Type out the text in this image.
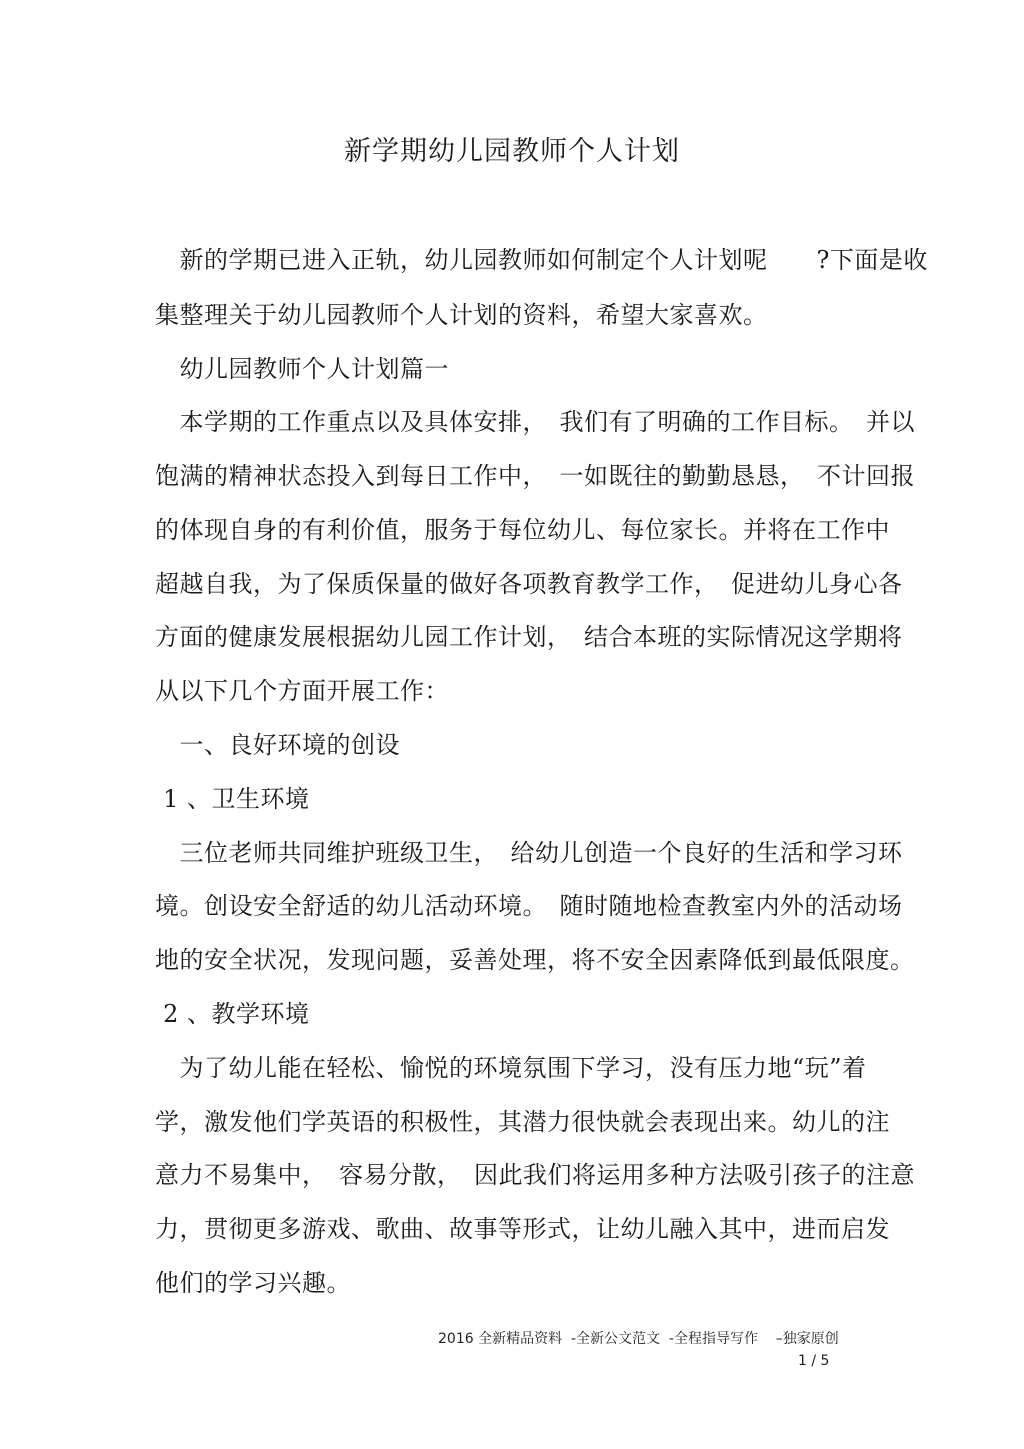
新学期幼儿园教师个人计划
　新的学期已进入正轨，幼儿园教师如何制定个人计划呢　　?下面是收
集整理关于幼儿园教师个人计划的资料，希望大家喜欢。
　幼儿园教师个人计划篇一
　本学期的工作重点以及具体安排，　我们有了明确的工作目标。　并以
饱满的精神状态投入到每日工作中，　一如既往的勤勤恳恳，　不计回报
的体现自身的有利价值，服务于每位幼儿、每位家长。并将在工作中
超越自我，为了保质保量的做好各项教育教学工作，　促进幼儿身心各
方面的健康发展根据幼儿园工作计划，　结合本班的实际情况这学期将
从以下几个方面开展工作：
　一、良好环境的创设
1 、卫生环境
　三位老师共同维护班级卫生，　给幼儿创造一个良好的生活和学习环
境。创设安全舒适的幼儿活动环境。　随时随地检查教室内外的活动场
地的安全状况，发现问题，妥善处理，将不安全因素降低到最低限度。
2 、教学环境
　为了幼儿能在轻松、愉悦的环境氛围下学习，没有压力地“玩”着
学，激发他们学英语的积极性，其潜力很快就会表现出来。幼儿的注
意力不易集中，　容易分散，　因此我们将运用多种方法吸引孩子的注意
力，贯彻更多游戏、歌曲、故事等形式，让幼儿融入其中，进而启发
他们的学习兴趣。
2016 全新精品资料  -全新公文范文  -全程指导写作    –独家原创
1 / 5
